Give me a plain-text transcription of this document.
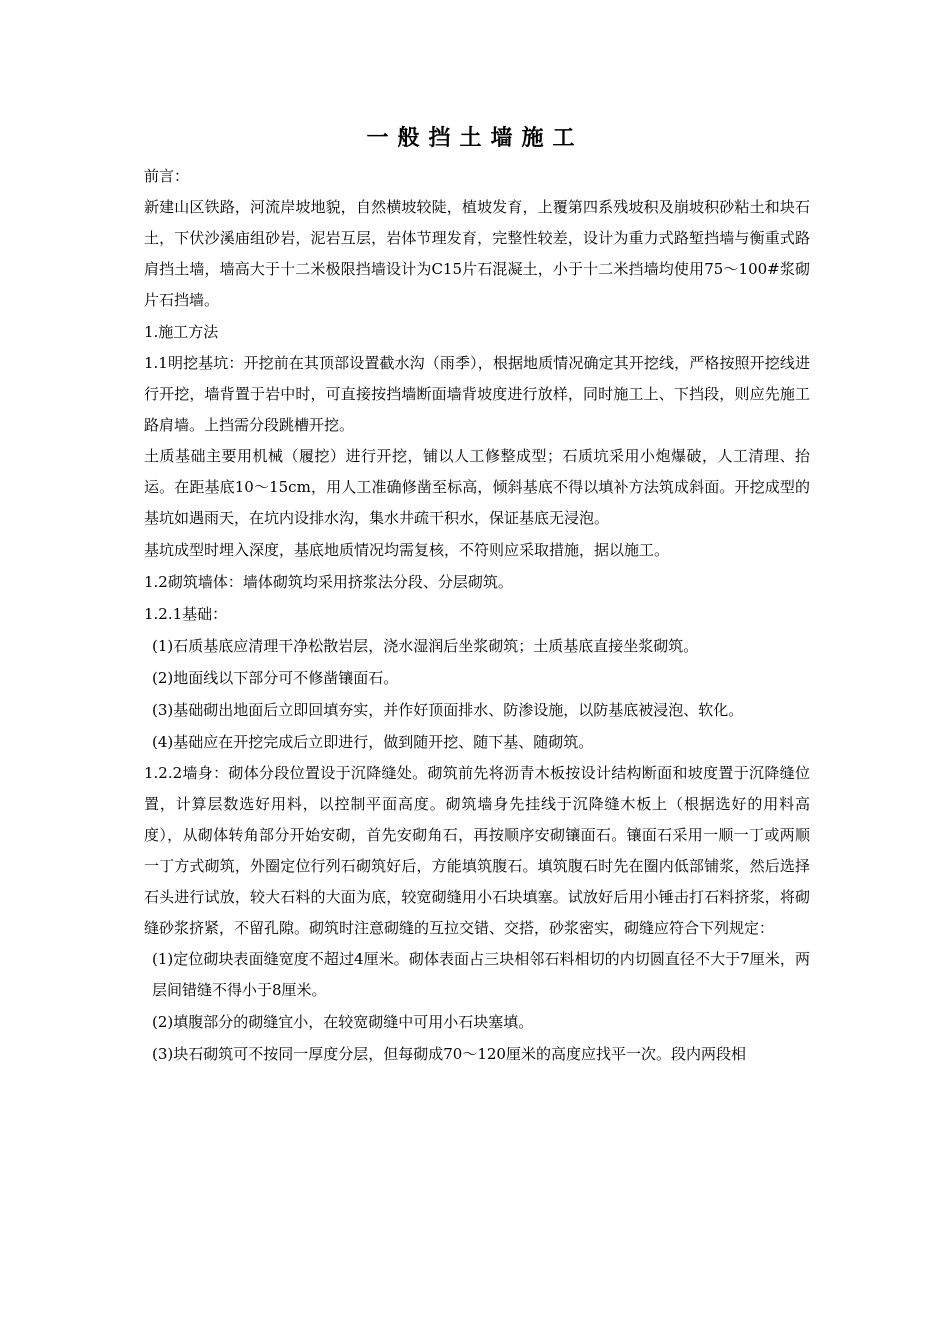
一般挡土墙施工

前言：

新建山区铁路，河流岸坡地貌，自然横坡较陡，植坡发育，上覆第四系残坡积及崩坡积砂粘土和块石土，下伏沙溪庙组砂岩，泥岩互层，岩体节理发育，完整性较差，设计为重力式路堑挡墙与衡重式路肩挡土墙，墙高大于十二米极限挡墙设计为C15片石混凝土，小于十二米挡墙均使用75～100#浆砌片石挡墙。

1.施工方法

1.1明挖基坑：开挖前在其顶部设置截水沟（雨季），根据地质情况确定其开挖线，严格按照开挖线进行开挖，墙背置于岩中时，可直接按挡墙断面墙背坡度进行放样，同时施工上、下挡段，则应先施工路肩墙。上挡需分段跳槽开挖。

土质基础主要用机械（履挖）进行开挖，铺以人工修整成型；石质坑采用小炮爆破，人工清理、抬运。在距基底10～15cm，用人工准确修凿至标高，倾斜基底不得以填补方法筑成斜面。开挖成型的基坑如遇雨天，在坑内设排水沟，集水井疏干积水，保证基底无浸泡。

基坑成型时埋入深度，基底地质情况均需复核，不符则应采取措施，据以施工。

1.2砌筑墙体：墙体砌筑均采用挤浆法分段、分层砌筑。

1.2.1基础：

(1)石质基底应清理干净松散岩层，浇水湿润后坐浆砌筑；土质基底直接坐浆砌筑。

(2)地面线以下部分可不修凿镶面石。

(3)基础砌出地面后立即回填夯实，并作好顶面排水、防渗设施，以防基底被浸泡、软化。

(4)基础应在开挖完成后立即进行，做到随开挖、随下基、随砌筑。

1.2.2墙身：砌体分段位置设于沉降缝处。砌筑前先将沥青木板按设计结构断面和坡度置于沉降缝位置，计算层数选好用料，以控制平面高度。砌筑墙身先挂线于沉降缝木板上（根据选好的用料高度），从砌体转角部分开始安砌，首先安砌角石，再按顺序安砌镶面石。镶面石采用一顺一丁或两顺一丁方式砌筑，外圈定位行列石砌筑好后，方能填筑腹石。填筑腹石时先在圈内低部铺浆，然后选择石头进行试放，较大石料的大面为底，较宽砌缝用小石块填塞。试放好后用小锤击打石料挤浆，将砌缝砂浆挤紧，不留孔隙。砌筑时注意砌缝的互拉交错、交搭，砂浆密实，砌缝应符合下列规定：

(1)定位砌块表面缝宽度不超过4厘米。砌体表面占三块相邻石料相切的内切圆直径不大于7厘米，两层间错缝不得小于8厘米。

(2)填腹部分的砌缝宜小，在较宽砌缝中可用小石块塞填。

(3)块石砌筑可不按同一厚度分层，但每砌成70～120厘米的高度应找平一次。段内两段相
